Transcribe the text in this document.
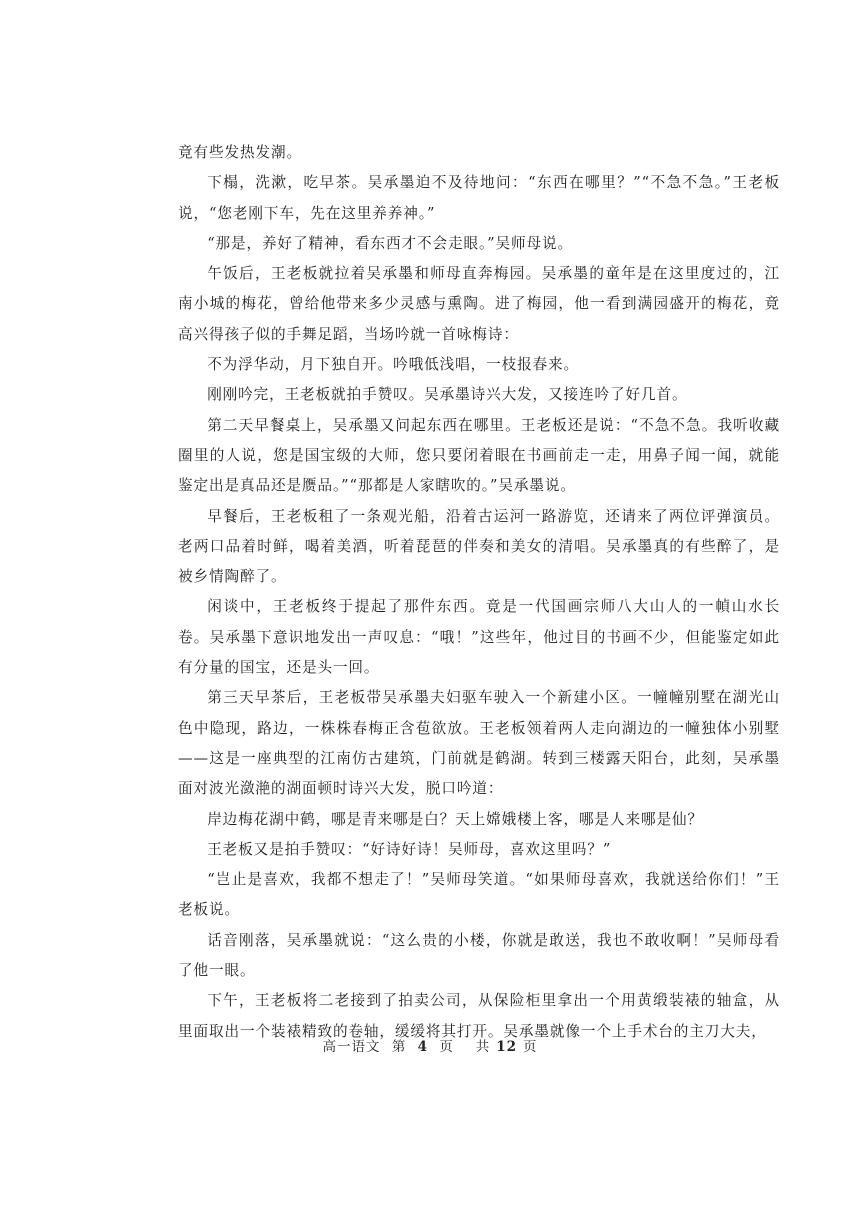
竟有些发热发潮。

下榻，洗漱，吃早茶。吴承墨迫不及待地问：“东西在哪里？”“不急不急。”王老板说，“您老刚下车，先在这里养养神。”

“那是，养好了精神，看东西才不会走眼。”吴师母说。

午饭后，王老板就拉着吴承墨和师母直奔梅园。吴承墨的童年是在这里度过的，江南小城的梅花，曾给他带来多少灵感与熏陶。进了梅园，他一看到满园盛开的梅花，竟高兴得孩子似的手舞足蹈，当场吟就一首咏梅诗：

不为浮华动，月下独自开。吟哦低浅唱，一枝报春来。

刚刚吟完，王老板就拍手赞叹。吴承墨诗兴大发，又接连吟了好几首。

第二天早餐桌上，吴承墨又问起东西在哪里。王老板还是说：“不急不急。我听收藏圈里的人说，您是国宝级的大师，您只要闭着眼在书画前走一走，用鼻子闻一闻，就能鉴定出是真品还是赝品。”“那都是人家瞎吹的。”吴承墨说。

早餐后，王老板租了一条观光船，沿着古运河一路游览，还请来了两位评弹演员。老两口品着时鲜，喝着美酒，听着琵琶的伴奏和美女的清唱。吴承墨真的有些醉了，是被乡情陶醉了。

闲谈中，王老板终于提起了那件东西。竟是一代国画宗师八大山人的一幀山水长卷。吴承墨下意识地发出一声叹息：“哦！”这些年，他过目的书画不少，但能鉴定如此有分量的国宝，还是头一回。

第三天早茶后，王老板带吴承墨夫妇驱车驶入一个新建小区。一幢幢别墅在湖光山色中隐现，路边，一株株春梅正含苞欲放。王老板领着两人走向湖边的一幢独体小别墅——这是一座典型的江南仿古建筑，门前就是鹤湖。转到三楼露天阳台，此刻，吴承墨面对波光潋滟的湖面顿时诗兴大发，脱口吟道：

岸边梅花湖中鹤，哪是青来哪是白？天上嫦娥楼上客，哪是人来哪是仙？

王老板又是拍手赞叹：“好诗好诗！吴师母，喜欢这里吗？”

“岂止是喜欢，我都不想走了！”吴师母笑道。“如果师母喜欢，我就送给你们！”王老板说。

话音刚落，吴承墨就说：“这么贵的小楼，你就是敢送，我也不敢收啊！”吴师母看了他一眼。

下午，王老板将二老接到了拍卖公司，从保险柜里拿出一个用黄缎装裱的轴盒，从里面取出一个装裱精致的卷轴，缓缓将其打开。吴承墨就像一个上手术台的主刀大夫，

高一语文 第 4 页 共 12 页
